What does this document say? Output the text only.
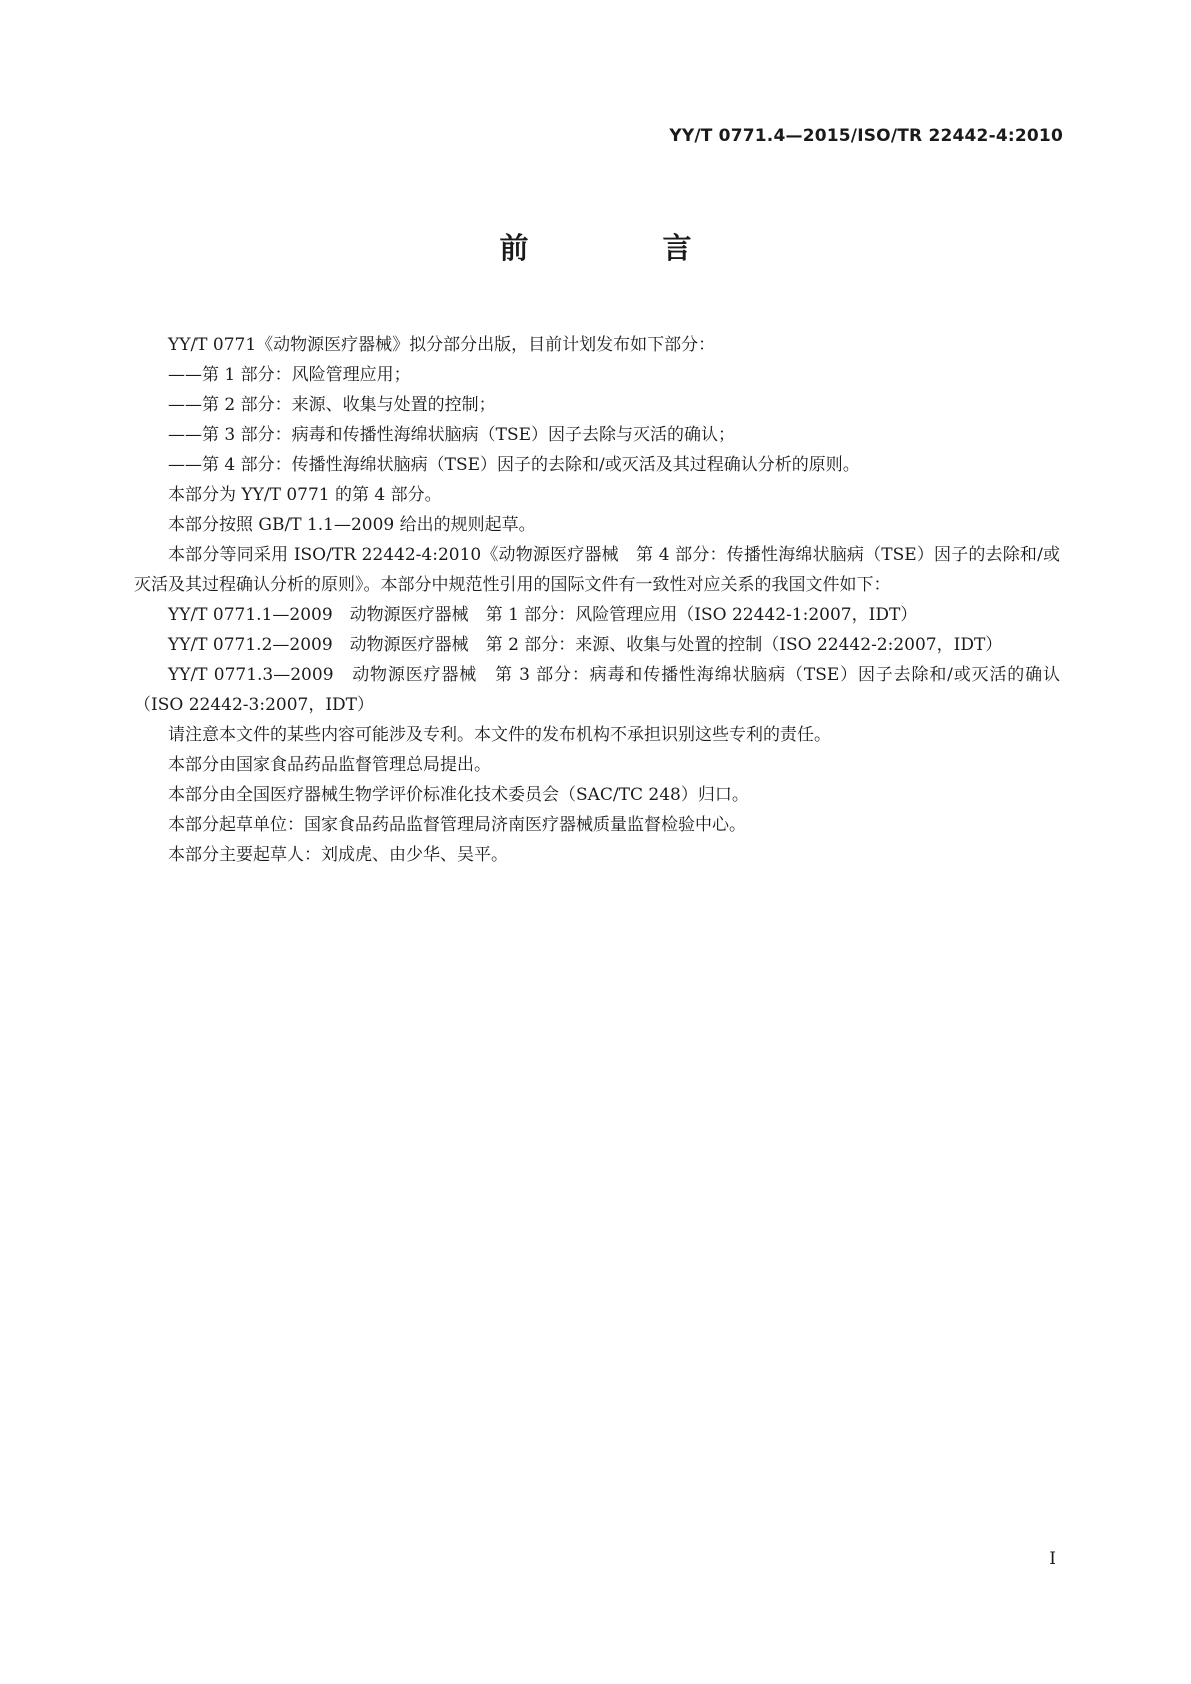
YY/T 0771.4—2015/ISO/TR 22442-4:2010
前 言

YY/T 0771《动物源医疗器械》拟分部分出版，目前计划发布如下部分：

——第 1 部分：风险管理应用；

——第 2 部分：来源、收集与处置的控制；

——第 3 部分：病毒和传播性海绵状脑病（TSE）因子去除与灭活的确认；

——第 4 部分：传播性海绵状脑病（TSE）因子的去除和/或灭活及其过程确认分析的原则。

本部分为 YY/T 0771 的第 4 部分。

本部分按照 GB/T 1.1—2009 给出的规则起草。

本部分等同采用 ISO/TR 22442-4:2010《动物源医疗器械　第 4 部分：传播性海绵状脑病（TSE）因子的去除和/或灭活及其过程确认分析的原则》。本部分中规范性引用的国际文件有一致性对应关系的我国文件如下：

YY/T 0771.1—2009　动物源医疗器械　第 1 部分：风险管理应用（ISO 22442-1:2007，IDT）

YY/T 0771.2—2009　动物源医疗器械　第 2 部分：来源、收集与处置的控制（ISO 22442-2:2007，IDT）

YY/T 0771.3—2009　动物源医疗器械　第 3 部分：病毒和传播性海绵状脑病（TSE）因子去除和/或灭活的确认（ISO 22442-3:2007，IDT）

请注意本文件的某些内容可能涉及专利。本文件的发布机构不承担识别这些专利的责任。

本部分由国家食品药品监督管理总局提出。

本部分由全国医疗器械生物学评价标准化技术委员会（SAC/TC 248）归口。

本部分起草单位：国家食品药品监督管理局济南医疗器械质量监督检验中心。

本部分主要起草人：刘成虎、由少华、吴平。

I
